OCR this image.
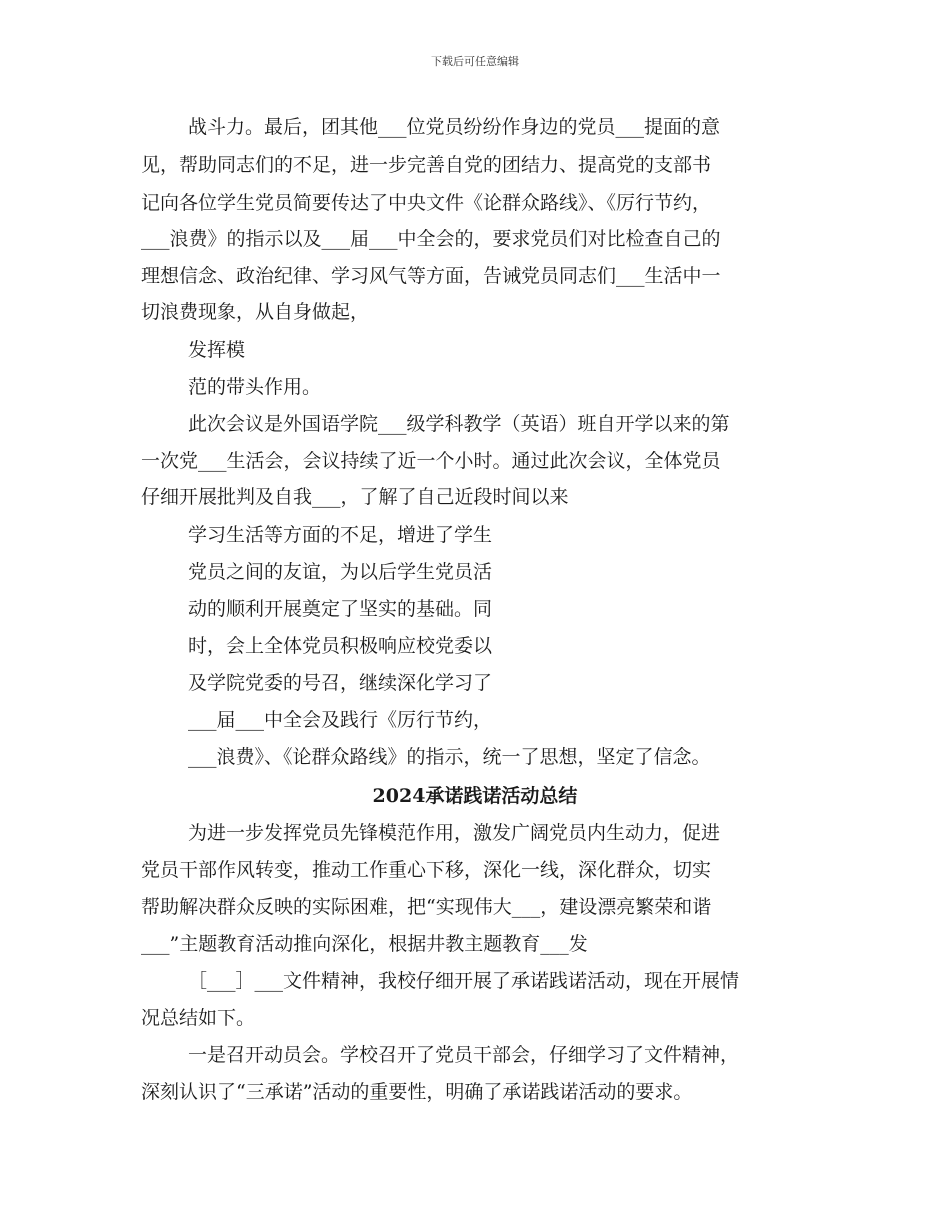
下载后可任意编辑
战斗力。最后，团其他___位党员纷纷作身边的党员___提面的意
见，帮助同志们的不足，进一步完善自党的团结力、提高党的支部书
记向各位学生党员简要传达了中央文件《论群众路线》、《厉行节约，
___浪费》的指示以及___届___中全会的，要求党员们对比检查自己的
理想信念、政治纪律、学习风气等方面，告诫党员同志们___生活中一
切浪费现象，从自身做起，
发挥模
范的带头作用。
此次会议是外国语学院___级学科教学（英语）班自开学以来的第
一次党___生活会，会议持续了近一个小时。通过此次会议，全体党员
仔细开展批判及自我___，了解了自己近段时间以来
学习生活等方面的不足，增进了学生
党员之间的友谊，为以后学生党员活
动的顺利开展奠定了坚实的基础。同
时，会上全体党员积极响应校党委以
及学院党委的号召，继续深化学习了
___届___中全会及践行《厉行节约，
___浪费》、《论群众路线》的指示，统一了思想，坚定了信念。
2024承诺践诺活动总结
为进一步发挥党员先锋模范作用，激发广阔党员内生动力，促进
党员干部作风转变，推动工作重心下移，深化一线，深化群众，切实
帮助解决群众反映的实际困难，把“实现伟大___，建设漂亮繁荣和谐
___”主题教育活动推向深化，根据井教主题教育___发
［___］___文件精神，我校仔细开展了承诺践诺活动，现在开展情
况总结如下。
一是召开动员会。学校召开了党员干部会，仔细学习了文件精神，
深刻认识了“三承诺”活动的重要性，明确了承诺践诺活动的要求。
